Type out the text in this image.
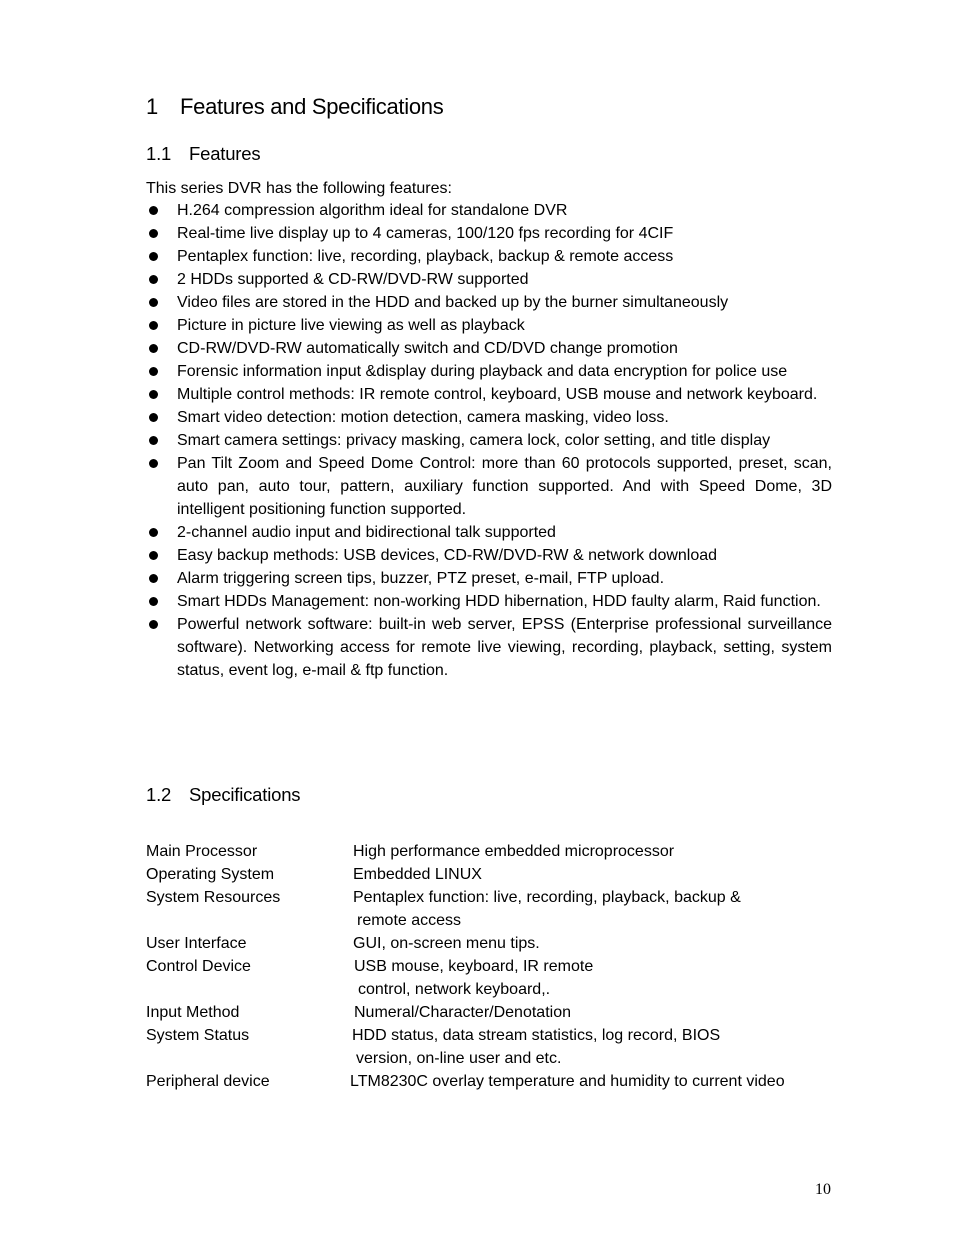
1 Features and Specifications
1.1 Features
This series DVR has the following features:
H.264 compression algorithm ideal for standalone DVR
Real-time live display up to 4 cameras, 100/120 fps recording for 4CIF
Pentaplex function: live, recording, playback, backup & remote access
2 HDDs supported & CD-RW/DVD-RW supported
Video files are stored in the HDD and backed up by the burner simultaneously
Picture in picture live viewing as well as playback
CD-RW/DVD-RW automatically switch and CD/DVD change promotion
Forensic information input &display during playback and data encryption for police use
Multiple control methods: IR remote control, keyboard, USB mouse and network keyboard.
Smart video detection: motion detection, camera masking, video loss.
Smart camera settings: privacy masking, camera lock, color setting, and title display
Pan Tilt Zoom and Speed Dome Control: more than 60 protocols supported, preset, scan, auto pan, auto tour, pattern, auxiliary function supported. And with Speed Dome, 3D intelligent positioning function supported.
2-channel audio input and bidirectional talk supported
Easy backup methods: USB devices, CD-RW/DVD-RW & network download
Alarm triggering screen tips, buzzer, PTZ preset, e-mail, FTP upload.
Smart HDDs Management: non-working HDD hibernation, HDD faulty alarm, Raid function.
Powerful network software: built-in web server, EPSS (Enterprise professional surveillance software). Networking access for remote live viewing, recording, playback, setting, system status, event log, e-mail & ftp function.
1.2 Specifications
Main Processor	High performance embedded microprocessor
Operating System	Embedded LINUX
System Resources
	Pentaplex function: live, recording, playback, backup &
remote access
User Interface	GUI, on-screen menu tips.
Control Device
	USB mouse, keyboard, IR remote
control, network keyboard,.
Input Method	Numeral/Character/Denotation
System Status
	HDD status, data stream statistics, log record, BIOS
version, on-line user and etc.
Peripheral device	LTM8230C overlay temperature and humidity to current video
10
